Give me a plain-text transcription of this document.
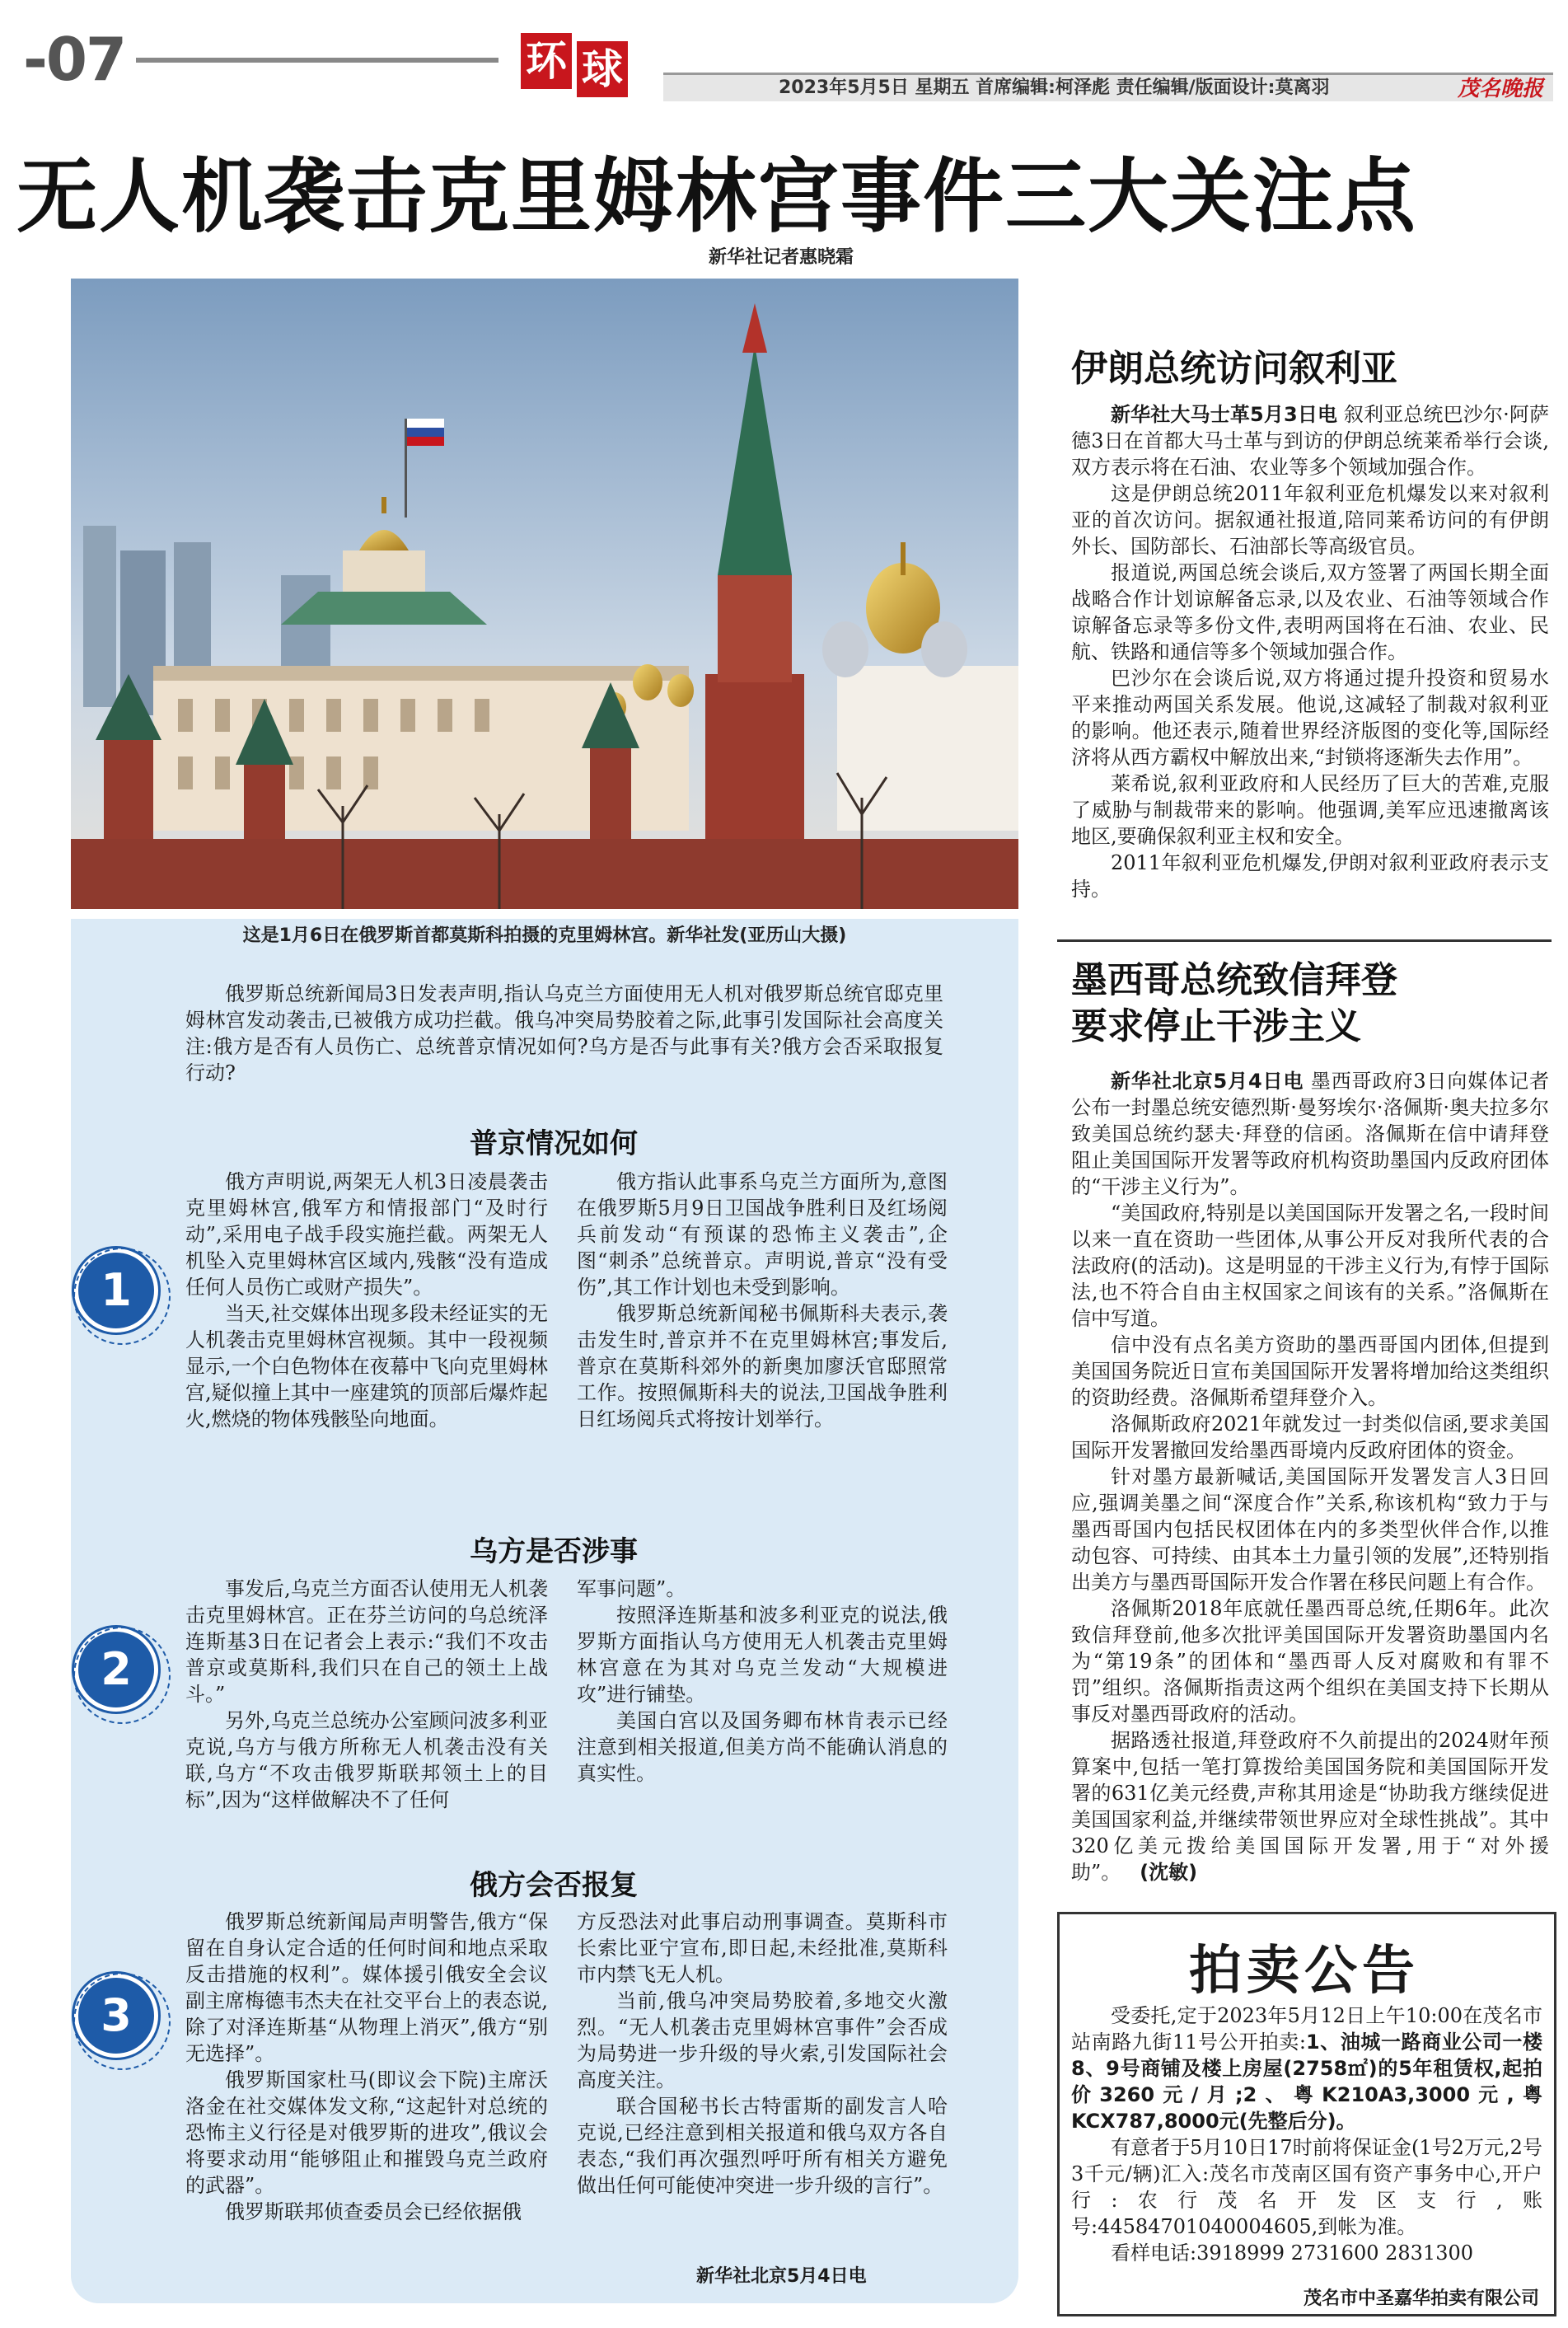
-07	环 球	2023年5月5日 星期五 首席编辑:柯泽彪 责任编辑/版面设计:莫离羽	茂名晚报
无人机袭击克里姆林宫事件三大关注点
新华社记者惠晓霜
这是1月6日在俄罗斯首都莫斯科拍摄的克里姆林宫。新华社发(亚历山大摄)

俄罗斯总统新闻局3日发表声明,指认乌克兰方面使用无人机对俄罗斯总统官邸克里姆林宫发动袭击,已被俄方成功拦截。俄乌冲突局势胶着之际,此事引发国际社会高度关注:俄方是否有人员伤亡、总统普京情况如何?乌方是否与此事有关?俄方会否采取报复行动?

普京情况如何
1

俄方声明说,两架无人机3日凌晨袭击克里姆林宫,俄军方和情报部门“及时行动”,采用电子战手段实施拦截。两架无人机坠入克里姆林宫区域内,残骸“没有造成任何人员伤亡或财产损失”。

当天,社交媒体出现多段未经证实的无人机袭击克里姆林宫视频。其中一段视频显示,一个白色物体在夜幕中飞向克里姆林宫,疑似撞上其中一座建筑的顶部后爆炸起火,燃烧的物体残骸坠向地面。

俄方指认此事系乌克兰方面所为,意图在俄罗斯5月9日卫国战争胜利日及红场阅兵前发动“有预谋的恐怖主义袭击”,企图“刺杀”总统普京。声明说,普京“没有受伤”,其工作计划也未受到影响。

俄罗斯总统新闻秘书佩斯科夫表示,袭击发生时,普京并不在克里姆林宫;事发后,普京在莫斯科郊外的新奥加廖沃官邸照常工作。按照佩斯科夫的说法,卫国战争胜利日红场阅兵式将按计划举行。

乌方是否涉事
2

事发后,乌克兰方面否认使用无人机袭击克里姆林宫。正在芬兰访问的乌总统泽连斯基3日在记者会上表示:“我们不攻击普京或莫斯科,我们只在自己的领土上战斗。”

另外,乌克兰总统办公室顾问波多利亚克说,乌方与俄方所称无人机袭击没有关联,乌方“不攻击俄罗斯联邦领土上的目标”,因为“这样做解决不了任何

军事问题”。

按照泽连斯基和波多利亚克的说法,俄罗斯方面指认乌方使用无人机袭击克里姆林宫意在为其对乌克兰发动“大规模进攻”进行铺垫。

美国白宫以及国务卿布林肯表示已经注意到相关报道,但美方尚不能确认消息的真实性。

俄方会否报复
3

俄罗斯总统新闻局声明警告,俄方“保留在自身认定合适的任何时间和地点采取反击措施的权利”。媒体援引俄安全会议副主席梅德韦杰夫在社交平台上的表态说,除了对泽连斯基“从物理上消灭”,俄方“别无选择”。

俄罗斯国家杜马(即议会下院)主席沃洛金在社交媒体发文称,“这起针对总统的恐怖主义行径是对俄罗斯的进攻”,俄议会将要求动用“能够阻止和摧毁乌克兰政府的武器”。

俄罗斯联邦侦查委员会已经依据俄

方反恐法对此事启动刑事调查。莫斯科市长索比亚宁宣布,即日起,未经批准,莫斯科市内禁飞无人机。

当前,俄乌冲突局势胶着,多地交火激烈。“无人机袭击克里姆林宫事件”会否成为局势进一步升级的导火索,引发国际社会高度关注。

联合国秘书长古特雷斯的副发言人哈克说,已经注意到相关报道和俄乌双方各自表态,“我们再次强烈呼吁所有相关方避免做出任何可能使冲突进一步升级的言行”。

新华社北京5月4日电
伊朗总统访问叙利亚

新华社大马士革5月3日电 叙利亚总统巴沙尔·阿萨德3日在首都大马士革与到访的伊朗总统莱希举行会谈,双方表示将在石油、农业等多个领域加强合作。

这是伊朗总统2011年叙利亚危机爆发以来对叙利亚的首次访问。据叙通社报道,陪同莱希访问的有伊朗外长、国防部长、石油部长等高级官员。

报道说,两国总统会谈后,双方签署了两国长期全面战略合作计划谅解备忘录,以及农业、石油等领域合作谅解备忘录等多份文件,表明两国将在石油、农业、民航、铁路和通信等多个领域加强合作。

巴沙尔在会谈后说,双方将通过提升投资和贸易水平来推动两国关系发展。他说,这减轻了制裁对叙利亚的影响。他还表示,随着世界经济版图的变化等,国际经济将从西方霸权中解放出来,“封锁将逐渐失去作用”。

莱希说,叙利亚政府和人民经历了巨大的苦难,克服了威胁与制裁带来的影响。他强调,美军应迅速撤离该地区,要确保叙利亚主权和安全。

2011年叙利亚危机爆发,伊朗对叙利亚政府表示支持。

墨西哥总统致信拜登
要求停止干涉主义

新华社北京5月4日电 墨西哥政府3日向媒体记者公布一封墨总统安德烈斯·曼努埃尔·洛佩斯·奥夫拉多尔致美国总统约瑟夫·拜登的信函。洛佩斯在信中请拜登阻止美国国际开发署等政府机构资助墨国内反政府团体的“干涉主义行为”。

“美国政府,特别是以美国国际开发署之名,一段时间以来一直在资助一些团体,从事公开反对我所代表的合法政府(的活动)。这是明显的干涉主义行为,有悖于国际法,也不符合自由主权国家之间该有的关系。”洛佩斯在信中写道。

信中没有点名美方资助的墨西哥国内团体,但提到美国国务院近日宣布美国国际开发署将增加给这类组织的资助经费。洛佩斯希望拜登介入。

洛佩斯政府2021年就发过一封类似信函,要求美国国际开发署撤回发给墨西哥境内反政府团体的资金。

针对墨方最新喊话,美国国际开发署发言人3日回应,强调美墨之间“深度合作”关系,称该机构“致力于与墨西哥国内包括民权团体在内的多类型伙伴合作,以推动包容、可持续、由其本土力量引领的发展”,还特别指出美方与墨西哥国际开发合作署在移民问题上有合作。

洛佩斯2018年底就任墨西哥总统,任期6年。此次致信拜登前,他多次批评美国国际开发署资助墨国内名为“第19条”的团体和“墨西哥人反对腐败和有罪不罚”组织。洛佩斯指责这两个组织在美国支持下长期从事反对墨西哥政府的活动。

据路透社报道,拜登政府不久前提出的2024财年预算案中,包括一笔打算拨给美国国务院和美国国际开发署的631亿美元经费,声称其用途是“协助我方继续促进美国国家利益,并继续带领世界应对全球性挑战”。其中320亿美元拨给美国国际开发署,用于“对外援助”。 (沈敏)

拍卖公告

受委托,定于2023年5月12日上午10:00在茂名市站南路九街11号公开拍卖:1、油城一路商业公司一楼8、9号商铺及楼上房屋(2758㎡)的5年租赁权,起拍价3260元/月;2、粤K210A3,3000元,粤KCX787,8000元(先整后分)。

有意者于5月10日17时前将保证金(1号2万元,2号3千元/辆)汇入:茂名市茂南区国有资产事务中心,开户行:农行茂名开发区支行,账号:44584701040004605,到帐为准。

看样电话:3918999 2731600 2831300

茂名市中圣嘉华拍卖有限公司
